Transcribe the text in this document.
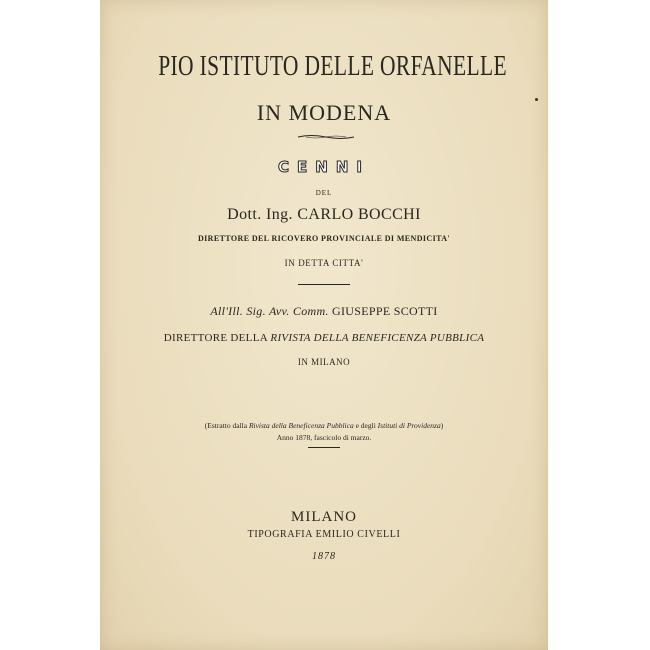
PIO ISTITUTO DELLE ORFANELLE
IN MODENA
CENNI
DEL
Dott. Ing. CARLO BOCCHI
DIRETTORE DEL RICOVERO PROVINCIALE DI MENDICITA'
IN DETTA CITTA'
All'Ill. Sig. Avv. Comm. GIUSEPPE SCOTTI
DIRETTORE DELLA RIVISTA DELLA BENEFICENZA PUBBLICA
IN MILANO
(Estratto dalla Rivista della Beneficenza Pubblica e degli Istituti di Providenza)
Anno 1878, fascicolo di marzo.
MILANO
TIPOGRAFIA EMILIO CIVELLI
1878
